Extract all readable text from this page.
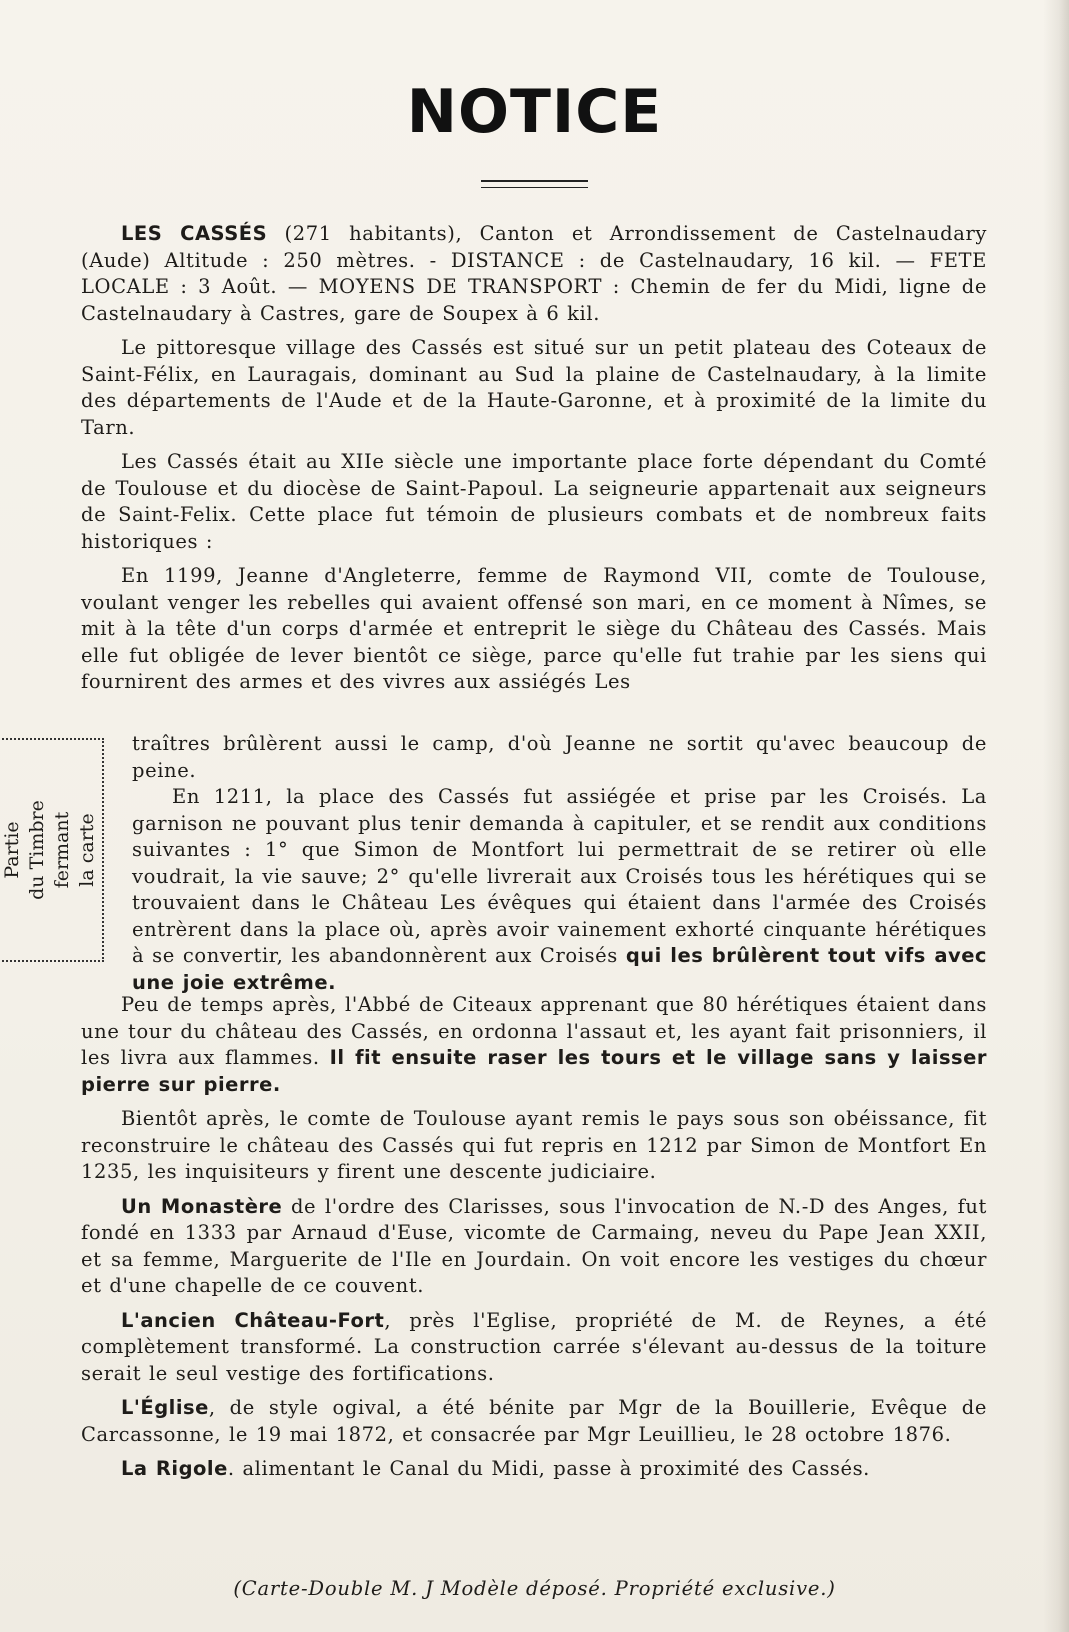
NOTICE

LES CASSÉS (271 habitants), Canton et Arrondissement de Castelnaudary (Aude) Altitude : 250 mètres. - DISTANCE : de Castelnaudary, 16 kil. — FETE LOCALE : 3 Août. — MOYENS DE TRANSPORT : Chemin de fer du Midi, ligne de Castelnaudary à Castres, gare de Soupex à 6 kil.

Le pittoresque village des Cassés est situé sur un petit plateau des Coteaux de Saint-Félix, en Lauragais, dominant au Sud la plaine de Castelnaudary, à la limite des départements de l'Aude et de la Haute-Garonne, et à proximité de la limite du Tarn.

Les Cassés était au XIIe siècle une importante place forte dépendant du Comté de Toulouse et du diocèse de Saint-Papoul. La seigneurie appartenait aux seigneurs de Saint-Felix. Cette place fut témoin de plusieurs combats et de nombreux faits historiques :

En 1199, Jeanne d'Angleterre, femme de Raymond VII, comte de Toulouse, voulant venger les rebelles qui avaient offensé son mari, en ce moment à Nîmes, se mit à la tête d'un corps d'armée et entreprit le siège du Château des Cassés. Mais elle fut obligée de lever bientôt ce siège, parce qu'elle fut trahie par les siens qui fournirent des armes et des vivres aux assiégés Les

Partie du Timbre fermant la carte

traîtres brûlèrent aussi le camp, d'où Jeanne ne sortit qu'avec beaucoup de peine.

En 1211, la place des Cassés fut assiégée et prise par les Croisés. La garnison ne pouvant plus tenir demanda à capituler, et se rendit aux conditions suivantes : 1° que Simon de Montfort lui permettrait de se retirer où elle voudrait, la vie sauve; 2° qu'elle livrerait aux Croisés tous les hérétiques qui se trouvaient dans le Château Les évêques qui étaient dans l'armée des Croisés entrèrent dans la place où, après avoir vainement exhorté cinquante hérétiques à se convertir, les abandonnèrent aux Croisés qui les brûlèrent tout vifs avec une joie extrême.

Peu de temps après, l'Abbé de Citeaux apprenant que 80 hérétiques étaient dans une tour du château des Cassés, en ordonna l'assaut et, les ayant fait prisonniers, il les livra aux flammes. Il fit ensuite raser les tours et le village sans y laisser pierre sur pierre.

Bientôt après, le comte de Toulouse ayant remis le pays sous son obéissance, fit reconstruire le château des Cassés qui fut repris en 1212 par Simon de Montfort En 1235, les inquisiteurs y firent une descente judiciaire.

Un Monastère de l'ordre des Clarisses, sous l'invocation de N.-D des Anges, fut fondé en 1333 par Arnaud d'Euse, vicomte de Carmaing, neveu du Pape Jean XXII, et sa femme, Marguerite de l'Ile en Jourdain. On voit encore les vestiges du chœur et d'une chapelle de ce couvent.

L'ancien Château-Fort, près l'Eglise, propriété de M. de Reynes, a été complètement transformé. La construction carrée s'élevant au-dessus de la toiture serait le seul vestige des fortifications.

L'Église, de style ogival, a été bénite par Mgr de la Bouillerie, Evêque de Carcassonne, le 19 mai 1872, et consacrée par Mgr Leuillieu, le 28 octobre 1876.

La Rigole. alimentant le Canal du Midi, passe à proximité des Cassés.

(Carte-Double M. J Modèle déposé. Propriété exclusive.)
